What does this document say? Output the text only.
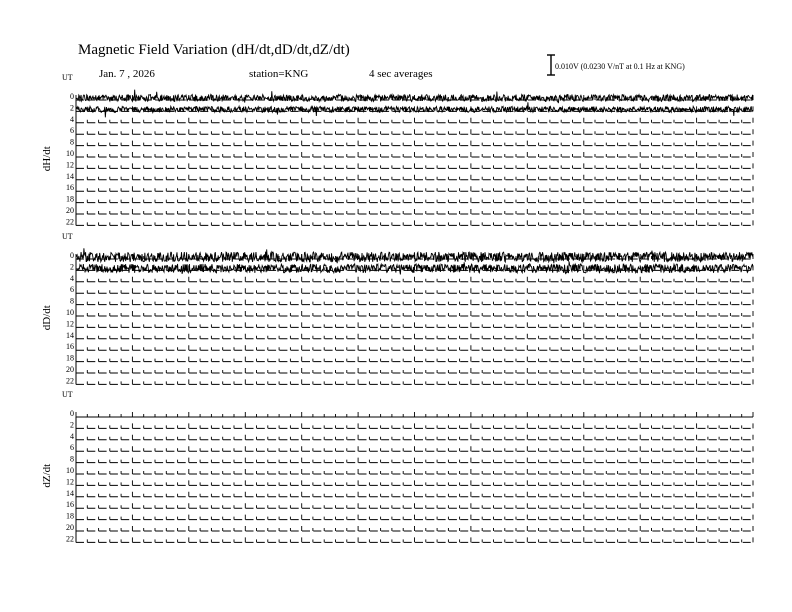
Magnetic Field Variation (dH/dt,dD/dt,dZ/dt)
Jan. 7 , 2026	station=KNG	4 sec averages
0.010V (0.0230 V/nT at 0.1 Hz at KNG)
UT
dH/dt
0
2
4
6
8
10
12
14
16
18
20
22
UT
dD/dt
0
2
4
6
8
10
12
14
16
18
20
22
UT
dZ/dt
0
2
4
6
8
10
12
14
16
18
20
22
